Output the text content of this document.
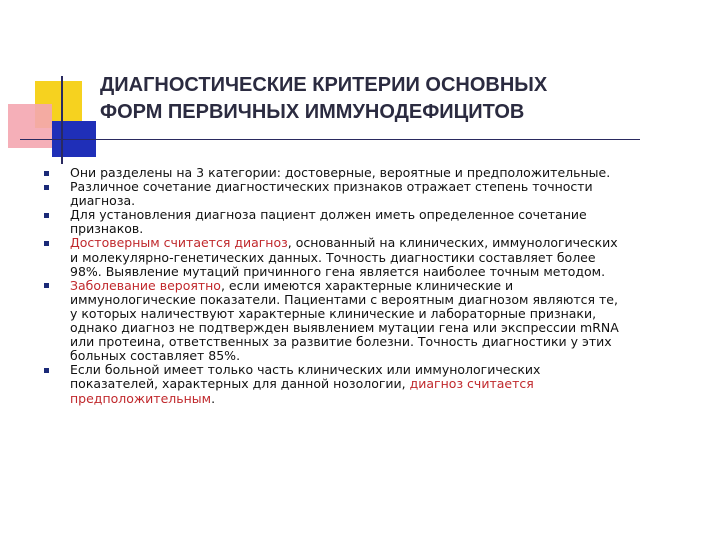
ДИАГНОСТИЧЕСКИЕ КРИТЕРИИ ОСНОВНЫХ
ФОРМ ПЕРВИЧНЫХ ИММУНОДЕФИЦИТОВ
Они разделены на 3 категории: достоверные, вероятные и предположительные.
Различное сочетание диагностических признаков отражает степень точности
диагноза.
Для установления диагноза пациент должен иметь определенное сочетание
признаков.
Достоверным считается диагноз, основанный на клинических, иммунологических
и молекулярно-генетических данных. Точность диагностики составляет более
98%. Выявление мутаций причинного гена является наиболее точным методом.
Заболевание вероятно, если имеются характерные клинические и
иммунологические показатели. Пациентами с вероятным диагнозом являются те,
у которых наличествуют характерные клинические и лабораторные признаки,
однако диагноз не подтвержден выявлением мутации гена или экспрессии mRNA
или протеина, ответственных за развитие болезни. Точность диагностики у этих
больных составляет 85%.
Если больной имеет только часть клинических или иммунологических
показателей, характерных для данной нозологии, диагноз считается
предположительным.
